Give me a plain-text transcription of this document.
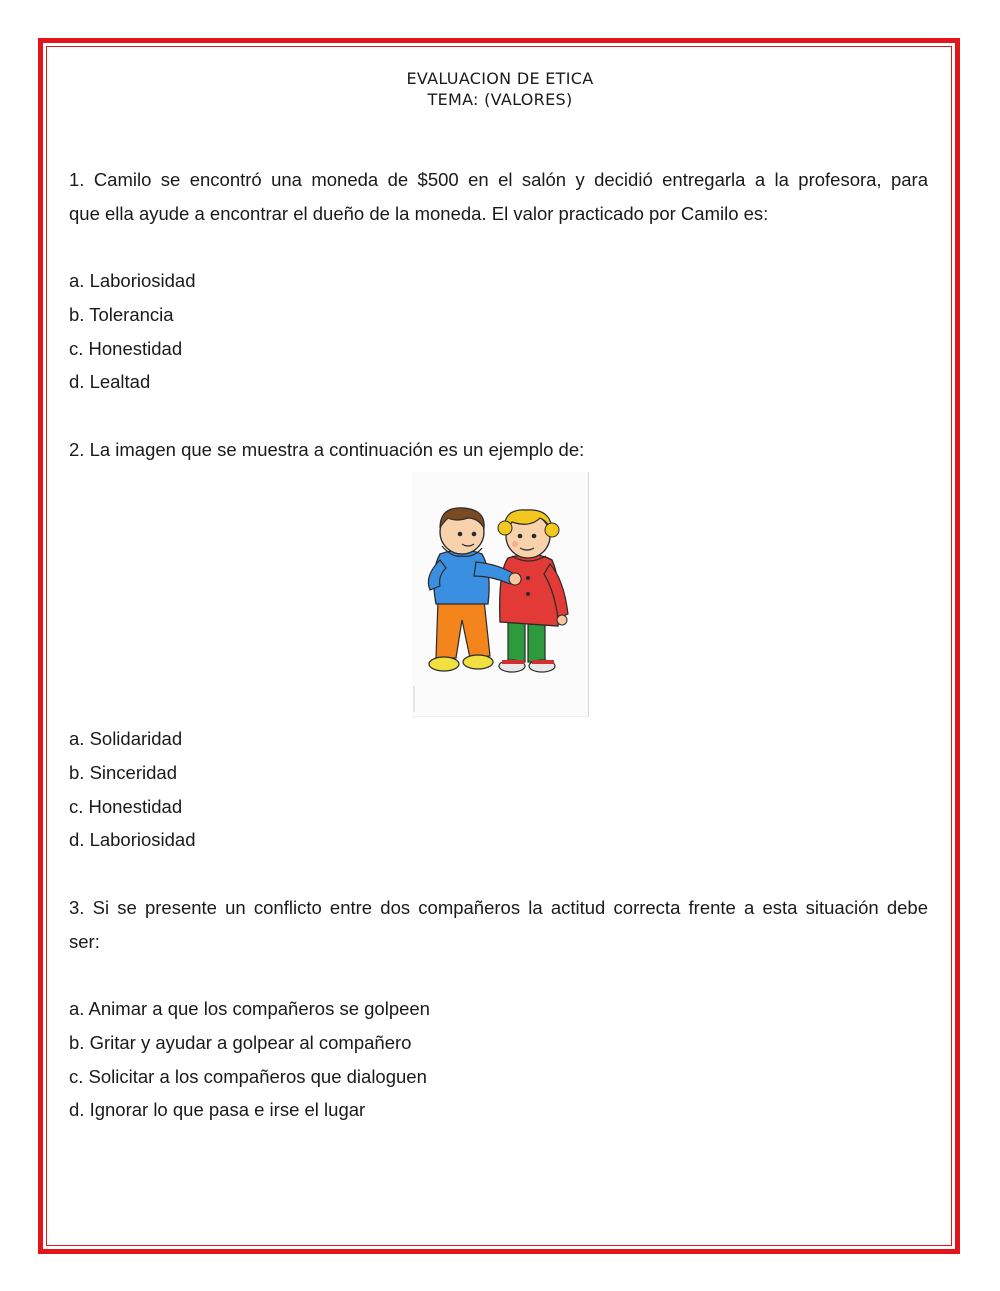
EVALUACION DE ETICA
TEMA: (VALORES)
1. Camilo se encontró una moneda de $500 en el salón y decidió entregarla a la profesora, para
que ella ayude a encontrar el dueño de la moneda. El valor practicado por Camilo es:
a. Laboriosidad
b. Tolerancia
c. Honestidad
d. Lealtad
2. La imagen que se muestra a continuación es un ejemplo de:
a. Solidaridad
b. Sinceridad
c. Honestidad
d. Laboriosidad
3. Si se presente un conflicto entre dos compañeros la actitud correcta frente a esta situación debe
ser:
a. Animar a que los compañeros se golpeen
b. Gritar y ayudar a golpear al compañero
c. Solicitar a los compañeros que dialoguen
d. Ignorar lo que pasa e irse el lugar
